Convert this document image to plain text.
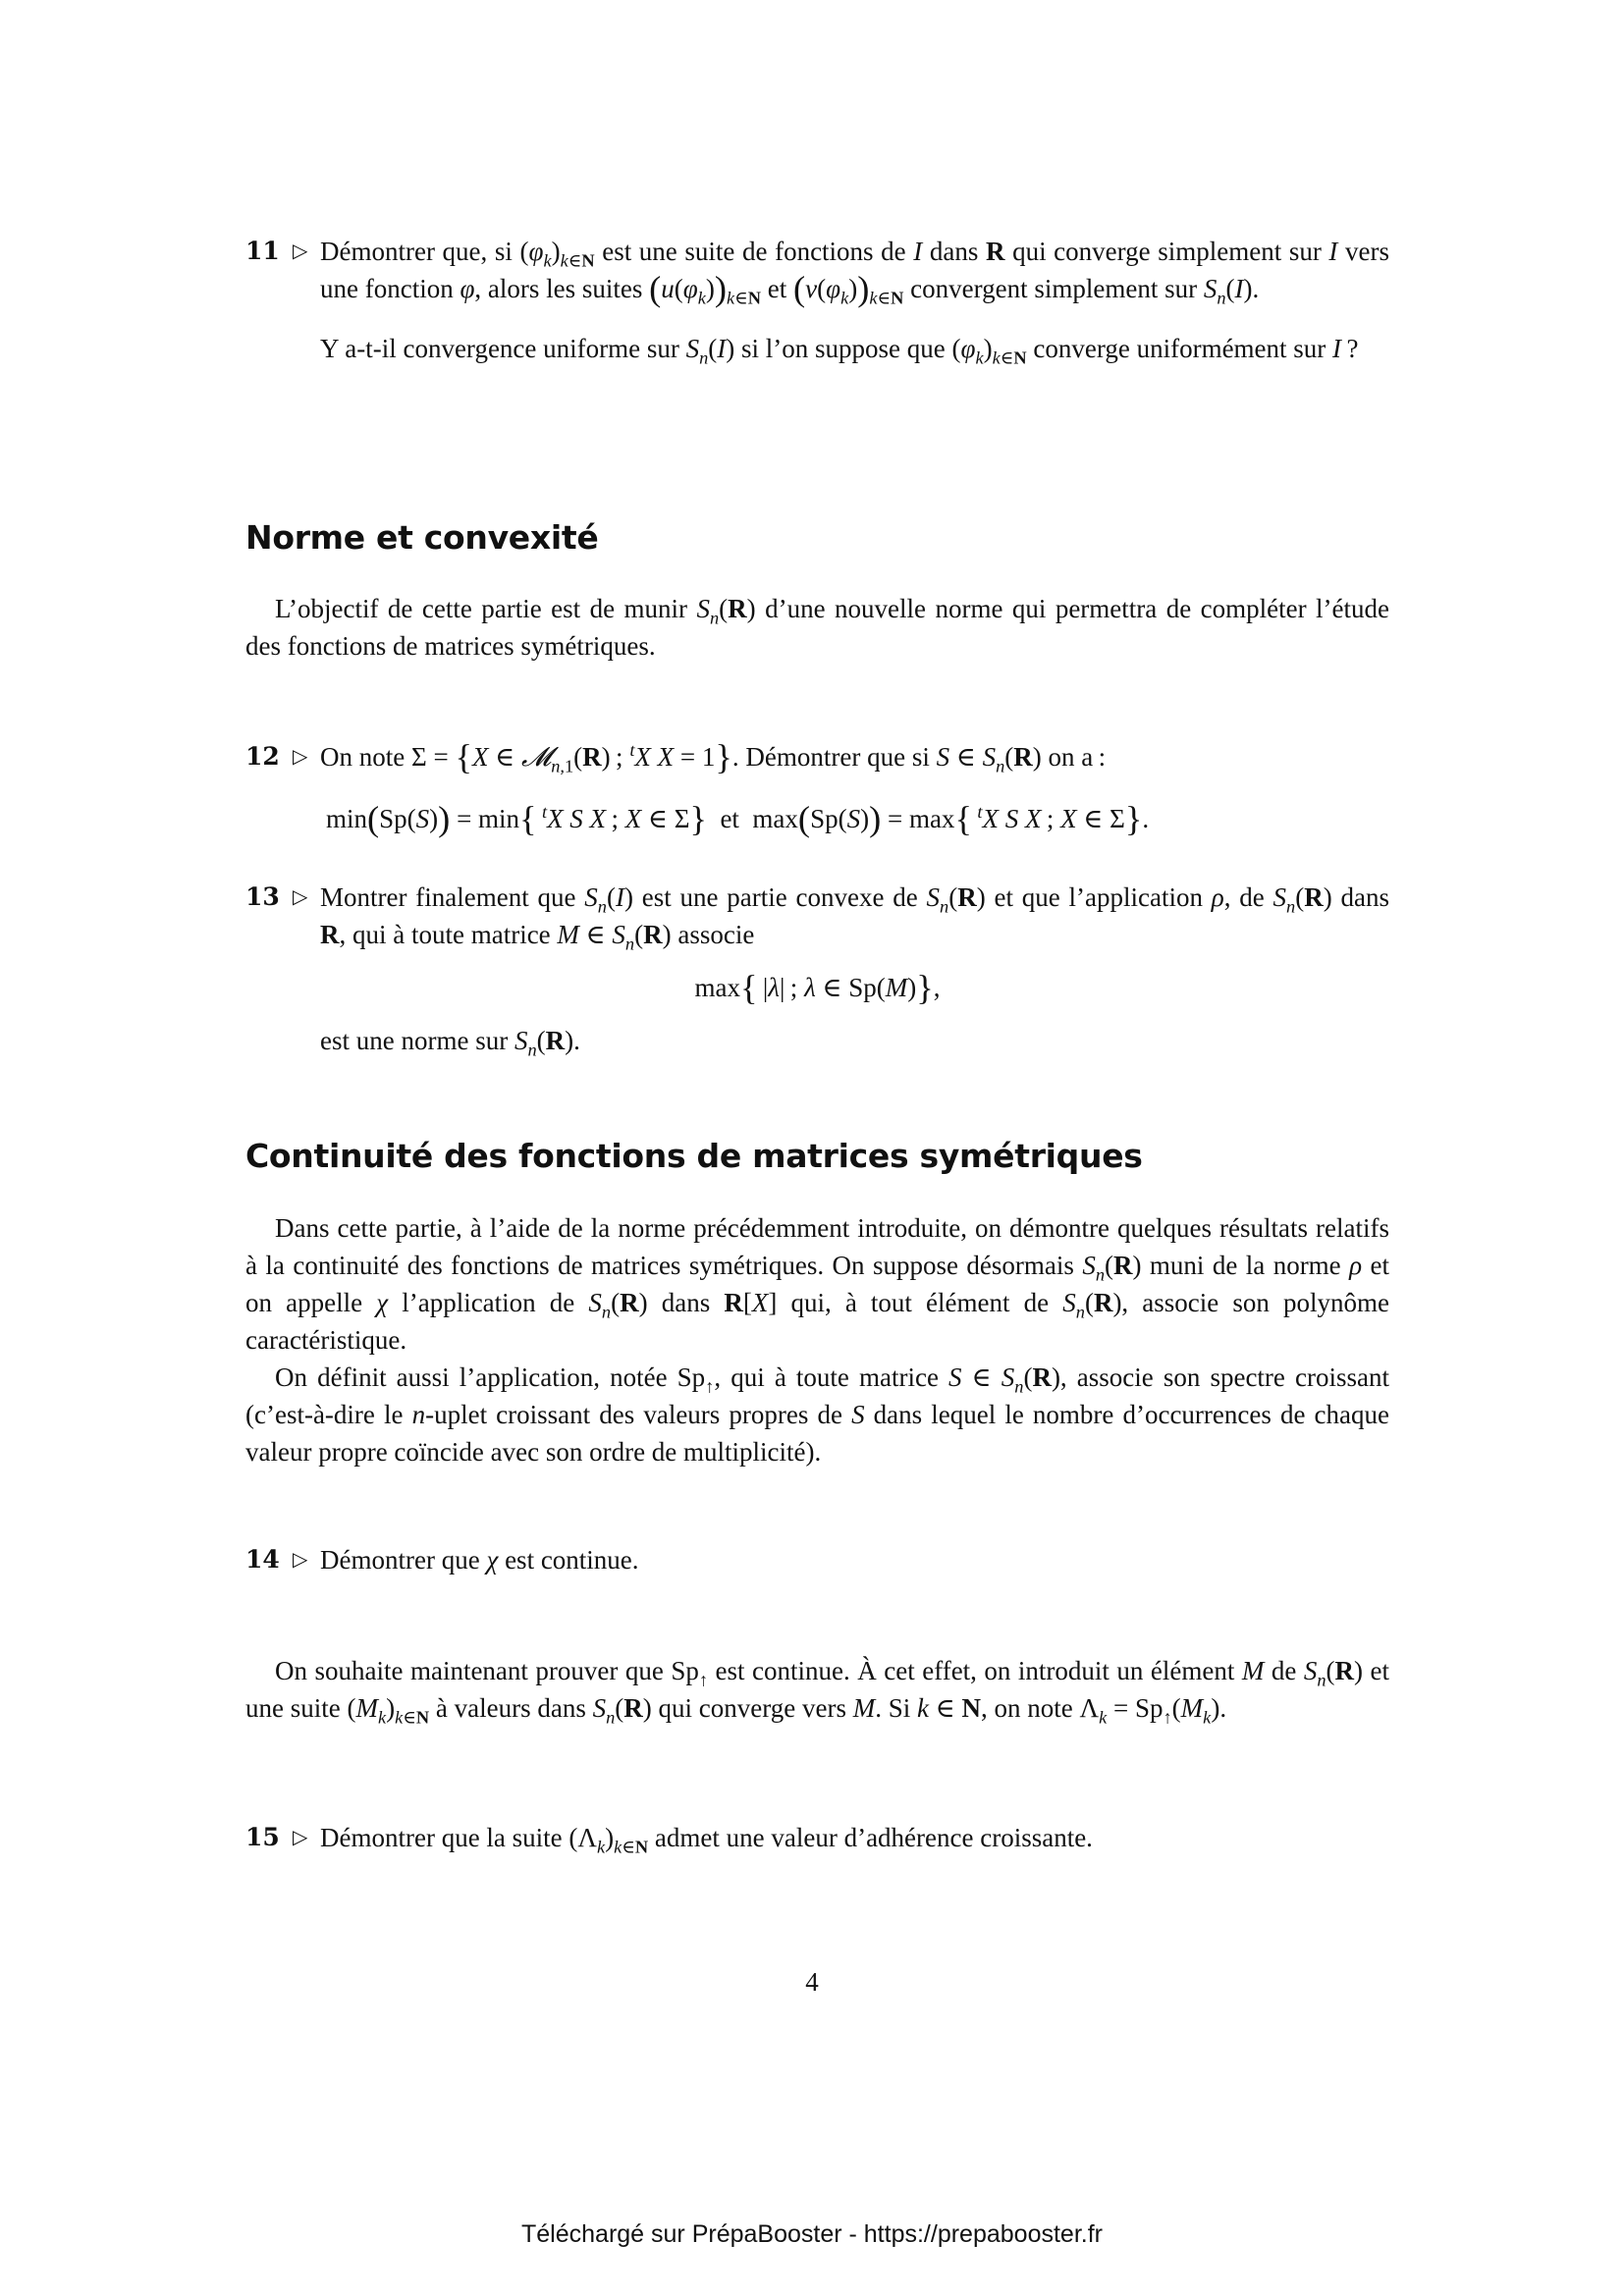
11 ▷ Démontrer que, si $(\varphi_k)_{k\in N}$ est une suite de fonctions de I dans R qui converge simplement sur I vers une fonction φ, alors les suites $(u(\varphi_k))_{k\in N}$ et $(v(\varphi_k))_{k\in N}$ convergent simplement sur $S_n(I)$.

Y a-t-il convergence uniforme sur $S_n(I)$ si l’on suppose que $(\varphi_k)_{k\in N}$ converge uniformément sur I ?

Norme et convexité

L’objectif de cette partie est de munir $S_n(R)$ d’une nouvelle norme qui permettra de compléter l’étude des fonctions de matrices symétriques.

12 ▷ On note Σ = {X ∈ 𝓜$_{n,1}$(R) ; $^t$X X = 1}. Démontrer que si S ∈ $S_n(R)$ on a :

min(Sp(S)) = min{  $^t$X S X ; X ∈ Σ}  et  max(Sp(S)) = max{  $^t$X S X ; X ∈ Σ}.

13 ▷ Montrer finalement que $S_n(I)$ est une partie convexe de $S_n(R)$ et que l’application ρ, de $S_n(R)$ dans R, qui à toute matrice M ∈ $S_n(R)$ associe

max{ |λ| ; λ ∈ Sp(M)},

est une norme sur $S_n(R)$.

Continuité des fonctions de matrices symétriques

Dans cette partie, à l’aide de la norme précédemment introduite, on démontre quelques résultats relatifs à la continuité des fonctions de matrices symétriques. On suppose désormais $S_n(R)$ muni de la norme ρ et on appelle χ l’application de $S_n(R)$ dans R[X] qui, à tout élément de $S_n(R)$, associe son polynôme caractéristique.

On définit aussi l’application, notée $Sp_↑$, qui à toute matrice S ∈ $S_n(R)$, associe son spectre croissant (c’est-à-dire le n-uplet croissant des valeurs propres de S dans lequel le nombre d’occurrences de chaque valeur propre coïncide avec son ordre de multiplicité).

14 ▷ Démontrer que χ est continue.

On souhaite maintenant prouver que $Sp_↑$ est continue. À cet effet, on introduit un élément M de $S_n(R)$ et une suite $(M_k)_{k\in N}$ à valeurs dans $S_n(R)$ qui converge vers M. Si k ∈ N, on note $\Lambda_k = Sp_↑(M_k)$.

15 ▷ Démontrer que la suite $(\Lambda_k)_{k\in N}$ admet une valeur d’adhérence croissante.

4
Téléchargé sur PrépaBooster - https://prepabooster.fr
